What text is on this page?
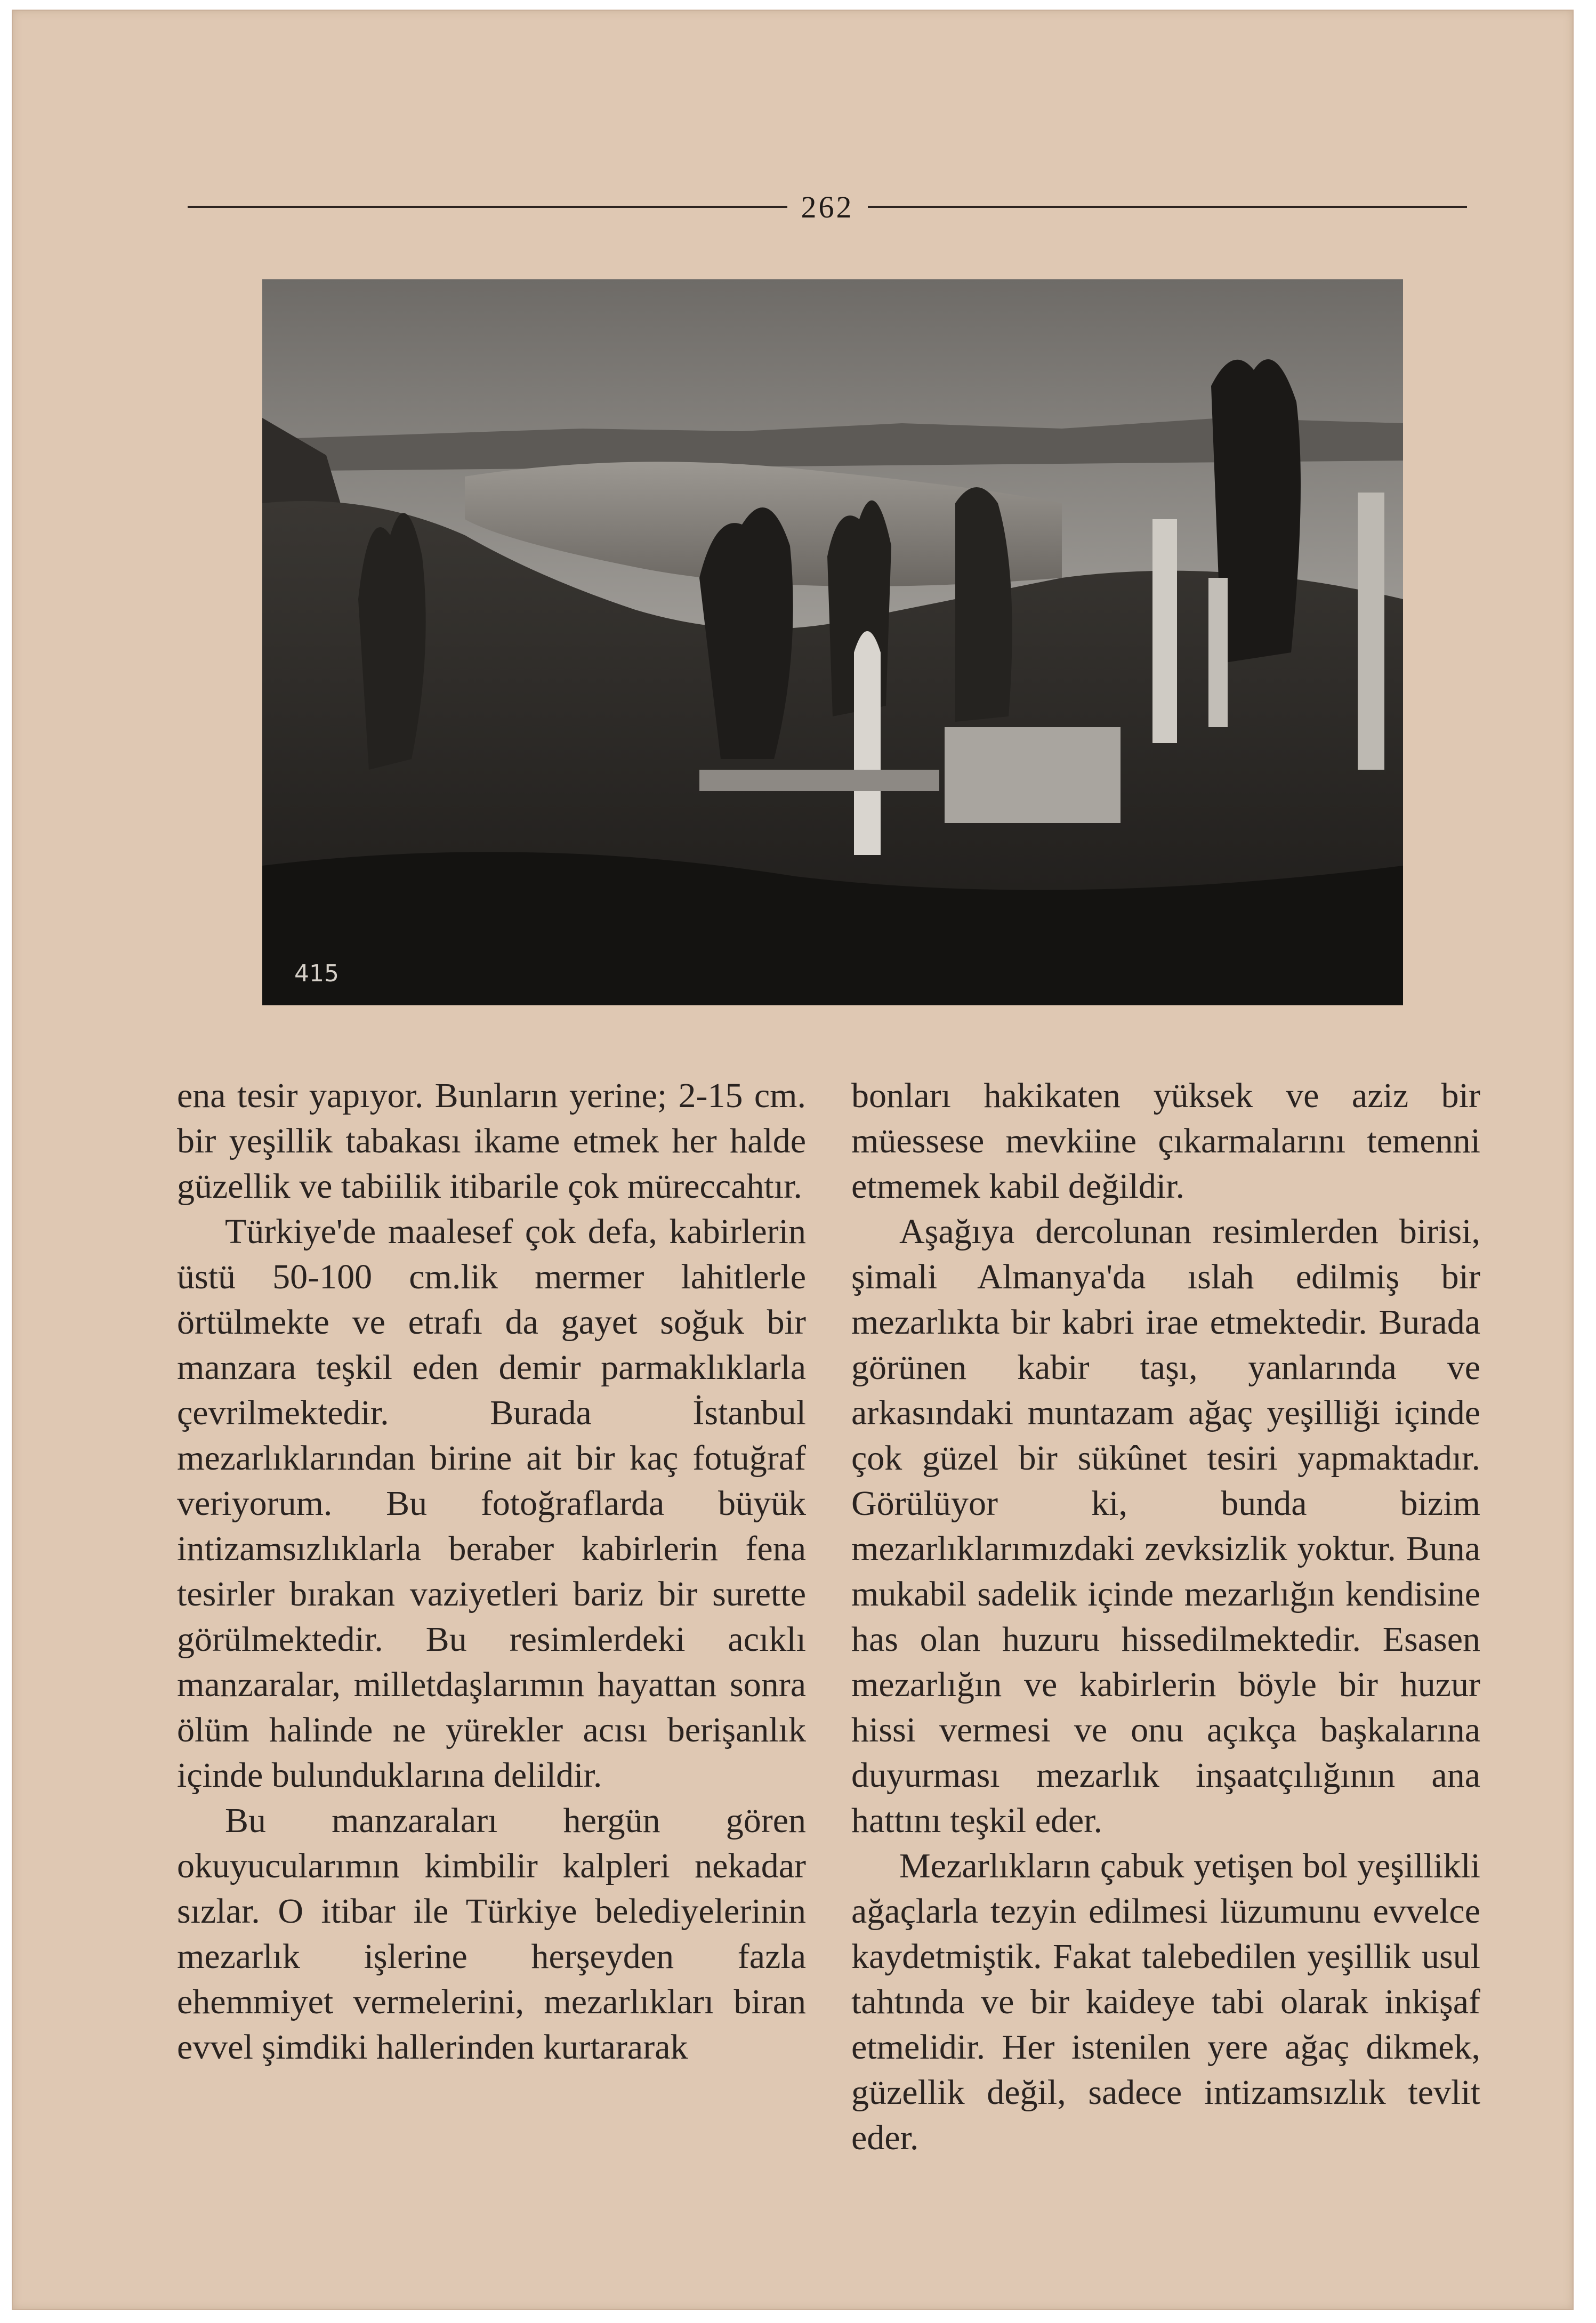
262
415

ena tesir yapıyor. Bunların yerine; 2-15 cm. bir yeşillik tabakası ikame etmek her halde güzellik ve tabiilik itibarile çok müreccahtır.

Türkiye'de maalesef çok defa, kabirlerin üstü 50-100 cm.lik mermer lahitlerle örtülmekte ve etrafı da gayet soğuk bir manzara teşkil eden demir parmaklıklarla çevrilmektedir. Burada İstanbul mezarlıklarından birine ait bir kaç fotuğraf veriyorum. Bu fotoğraflarda büyük intizamsızlıklarla beraber kabirlerin fena tesirler bırakan vaziyetleri bariz bir surette görülmektedir. Bu resimlerdeki acıklı manzaralar, milletdaşlarımın hayattan sonra ölüm halinde ne yürekler acısı berişanlık içinde bulunduklarına delildir.

Bu manzaraları hergün gören okuyucularımın kimbilir kalpleri nekadar sızlar. O itibar ile Türkiye belediyelerinin mezarlık işlerine herşeyden fazla ehemmiyet vermelerini, mezarlıkları biran evvel şimdiki hallerinden kurtararak

bonları hakikaten yüksek ve aziz bir müessese mevkiine çıkarmalarını temenni etmemek kabil değildir.

Aşağıya dercolunan resimlerden birisi, şimali Almanya'da ıslah edilmiş bir mezarlıkta bir kabri irae etmektedir. Burada görünen kabir taşı, yanlarında ve arkasındaki muntazam ağaç yeşilliği içinde çok güzel bir sükûnet tesiri yapmaktadır. Görülüyor ki, bunda bizim mezarlıklarımızdaki zevksizlik yoktur. Buna mukabil sadelik içinde mezarlığın kendisine has olan huzuru hissedilmektedir. Esasen mezarlığın ve kabirlerin böyle bir huzur hissi vermesi ve onu açıkça başkalarına duyurması mezarlık inşaatçılığının ana hattını teşkil eder.

Mezarlıkların çabuk yetişen bol yeşillikli ağaçlarla tezyin edilmesi lüzumunu evvelce kaydetmiştik. Fakat talebedilen yeşillik usul tahtında ve bir kaideye tabi olarak inkişaf etmelidir. Her istenilen yere ağaç dikmek, güzellik değil, sadece intizamsızlık tevlit eder.
